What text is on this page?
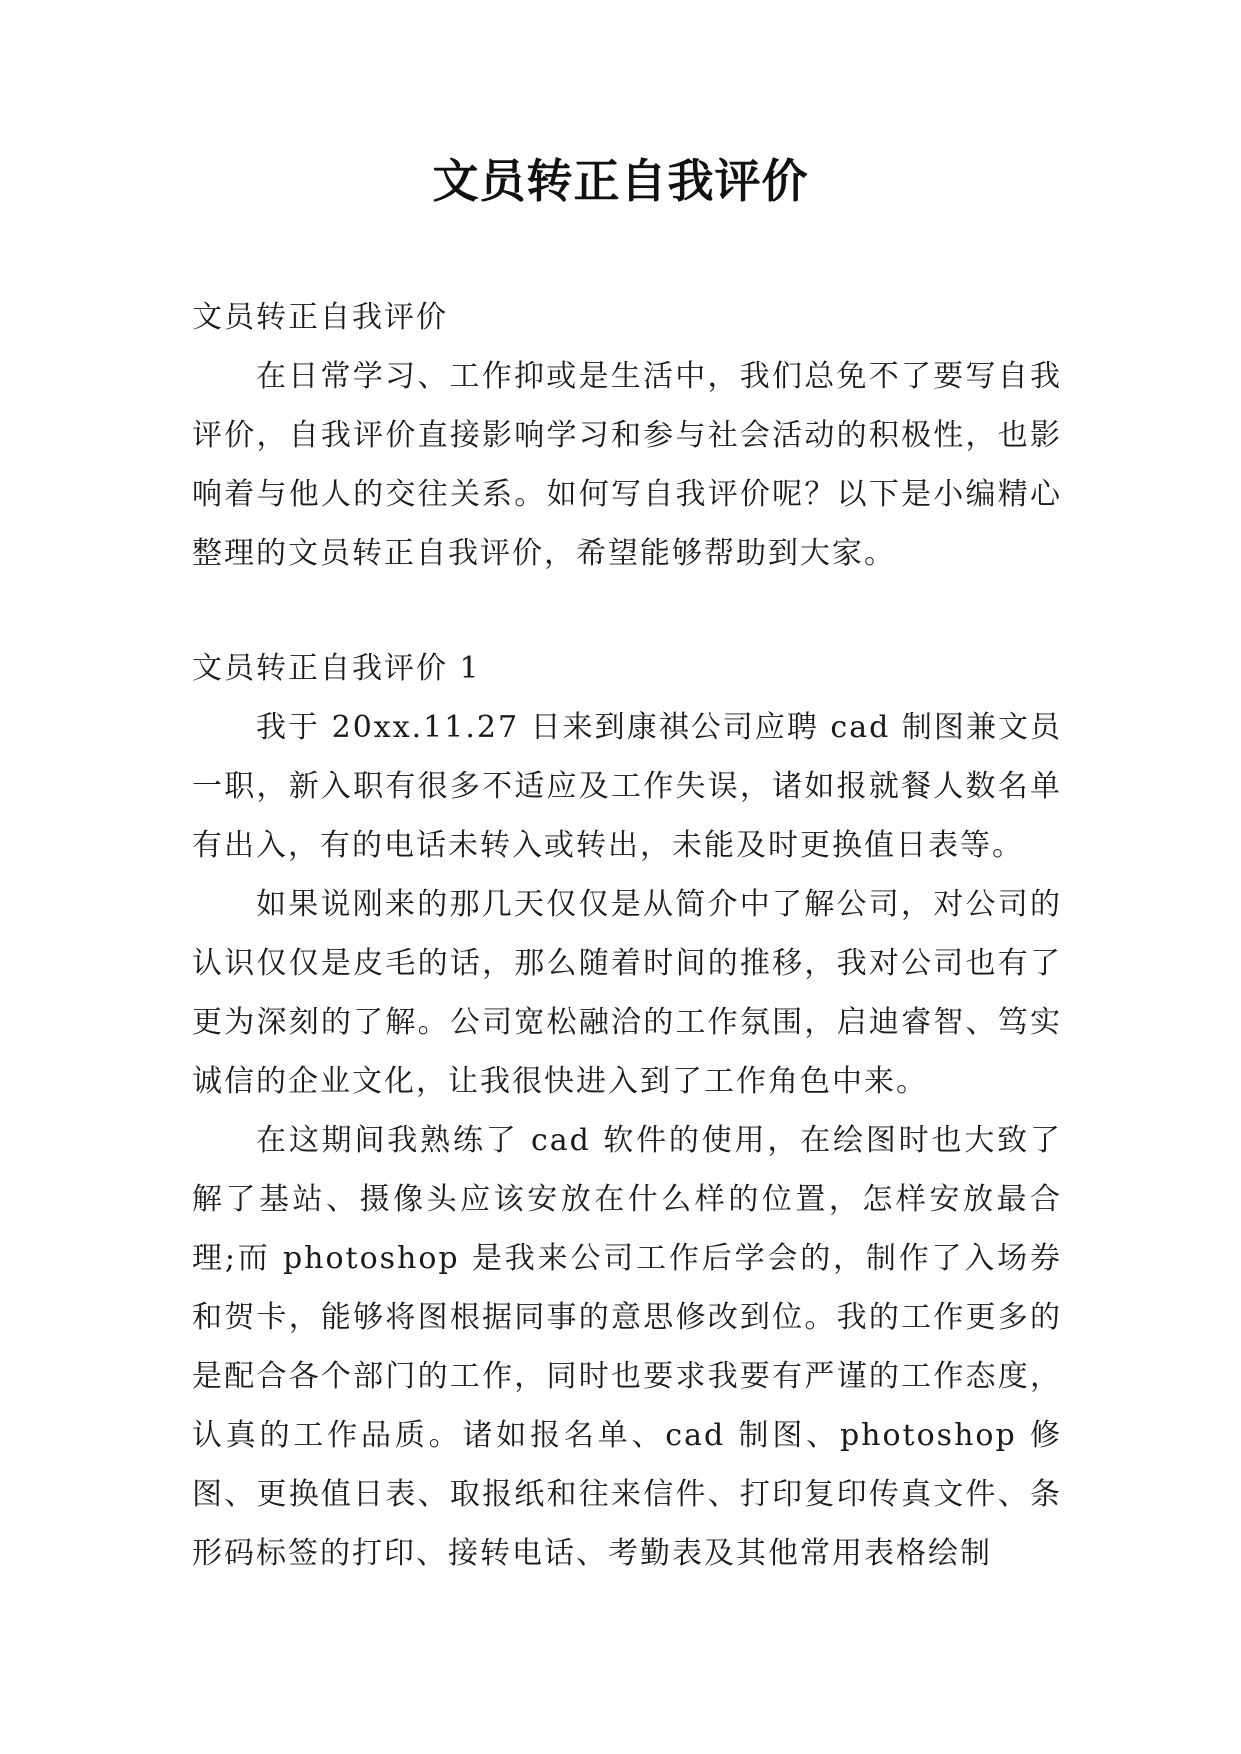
文员转正自我评价

文员转正自我评价

在日常学习、工作抑或是生活中，我们总免不了要写自我评价，自我评价直接影响学习和参与社会活动的积极性，也影响着与他人的交往关系。如何写自我评价呢？以下是小编精心整理的文员转正自我评价，希望能够帮助到大家。

文员转正自我评价 1

我于 20xx.11.27 日来到康祺公司应聘 cad 制图兼文员一职，新入职有很多不适应及工作失误，诸如报就餐人数名单有出入，有的电话未转入或转出，未能及时更换值日表等。

如果说刚来的那几天仅仅是从简介中了解公司，对公司的认识仅仅是皮毛的话，那么随着时间的推移，我对公司也有了更为深刻的了解。公司宽松融洽的工作氛围，启迪睿智、笃实诚信的企业文化，让我很快进入到了工作角色中来。

在这期间我熟练了 cad 软件的使用，在绘图时也大致了解了基站、摄像头应该安放在什么样的位置，怎样安放最合理;而 photoshop 是我来公司工作后学会的，制作了入场券和贺卡，能够将图根据同事的意思修改到位。我的工作更多的是配合各个部门的工作，同时也要求我要有严谨的工作态度，认真的工作品质。诸如报名单、cad 制图、photoshop 修图、更换值日表、取报纸和往来信件、打印复印传真文件、条形码标签的打印、接转电话、考勤表及其他常用表格绘制
